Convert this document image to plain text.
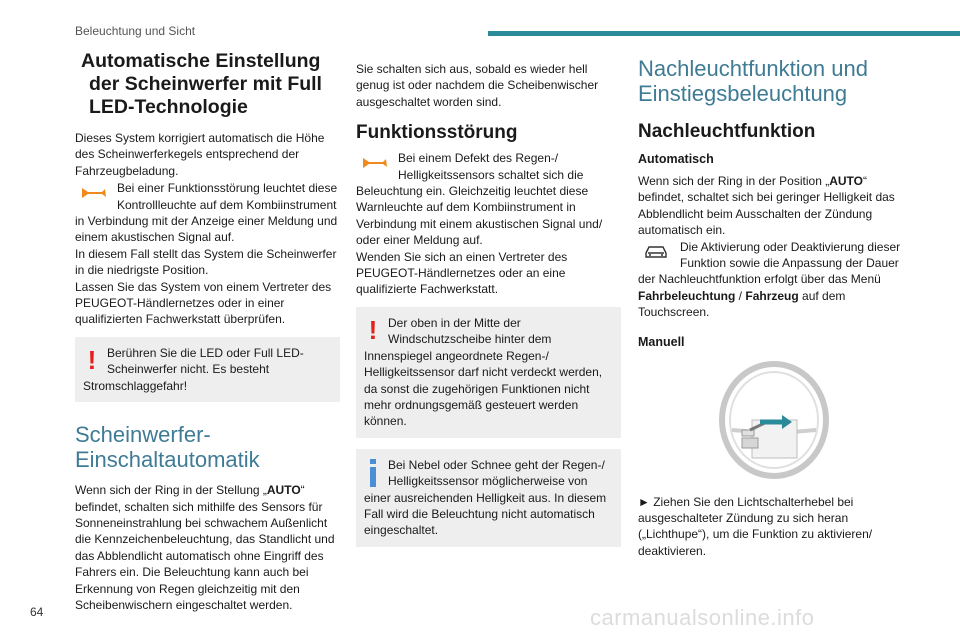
Beleuchtung und Sicht
Automatische Einstellung
der Scheinwerfer mit Full
LED-Technologie

Dieses System korrigiert automatisch die Höhe des Scheinwerferkegels entsprechend der Fahrzeugbeladung.

Bei einer Funktionsstörung leuchtet diese Kontrollleuchte auf dem Kombiinstrument in Verbindung mit der Anzeige einer Meldung und einem akustischen Signal auf.

In diesem Fall stellt das System die Scheinwerfer in die niedrigste Position.

Lassen Sie das System von einem Vertreter des PEUGEOT-Händlernetzes oder in einer qualifizierten Fachwerkstatt überprüfen.

! Berühren Sie die LED oder Full LED-Scheinwerfer nicht. Es besteht Stromschlaggefahr!

Scheinwerfer-
Einschaltautomatik

Wenn sich der Ring in der Stellung „AUTO“ befindet, schalten sich mithilfe des Sensors für Sonneneinstrahlung bei schwachem Außenlicht die Kennzeichenbeleuchtung, das Standlicht und das Abblendlicht automatisch ohne Eingriff des Fahrers ein. Die Beleuchtung kann auch bei Erkennung von Regen gleichzeitig mit den Scheibenwischern eingeschaltet werden.

Sie schalten sich aus, sobald es wieder hell genug ist oder nachdem die Scheibenwischer ausgeschaltet worden sind.

Funktionsstörung

Bei einem Defekt des Regen-/ Helligkeitssensors schaltet sich die Beleuchtung ein. Gleichzeitig leuchtet diese Warnleuchte auf dem Kombiinstrument in Verbindung mit einem akustischen Signal und/ oder einer Meldung auf.

Wenden Sie sich an einen Vertreter des PEUGEOT-Händlernetzes oder an eine qualifizierte Fachwerkstatt.

! Der oben in der Mitte der Windschutzscheibe hinter dem Innenspiegel angeordnete Regen-/ Helligkeitssensor darf nicht verdeckt werden, da sonst die zugehörigen Funktionen nicht mehr ordnungsgemäß gesteuert werden können.

Bei Nebel oder Schnee geht der Regen-/ Helligkeitssensor möglicherweise von einer ausreichenden Helligkeit aus. In diesem Fall wird die Beleuchtung nicht automatisch eingeschaltet.

Nachleuchtfunktion und
Einstiegsbeleuchtung
Nachleuchtfunktion
Automatisch

Wenn sich der Ring in der Position „AUTO“ befindet, schaltet sich bei geringer Helligkeit das Abblendlicht beim Ausschalten der Zündung automatisch ein.

Die Aktivierung oder Deaktivierung dieser Funktion sowie die Anpassung der Dauer der Nachleuchtfunktion erfolgt über das Menü Fahrbeleuchtung / Fahrzeug auf dem Touchscreen.

Manuell

► Ziehen Sie den Lichtschalterhebel bei ausgeschalteter Zündung zu sich heran („Lichthupe“), um die Funktion zu aktivieren/ deaktivieren.

64	carmanualsonline.info
